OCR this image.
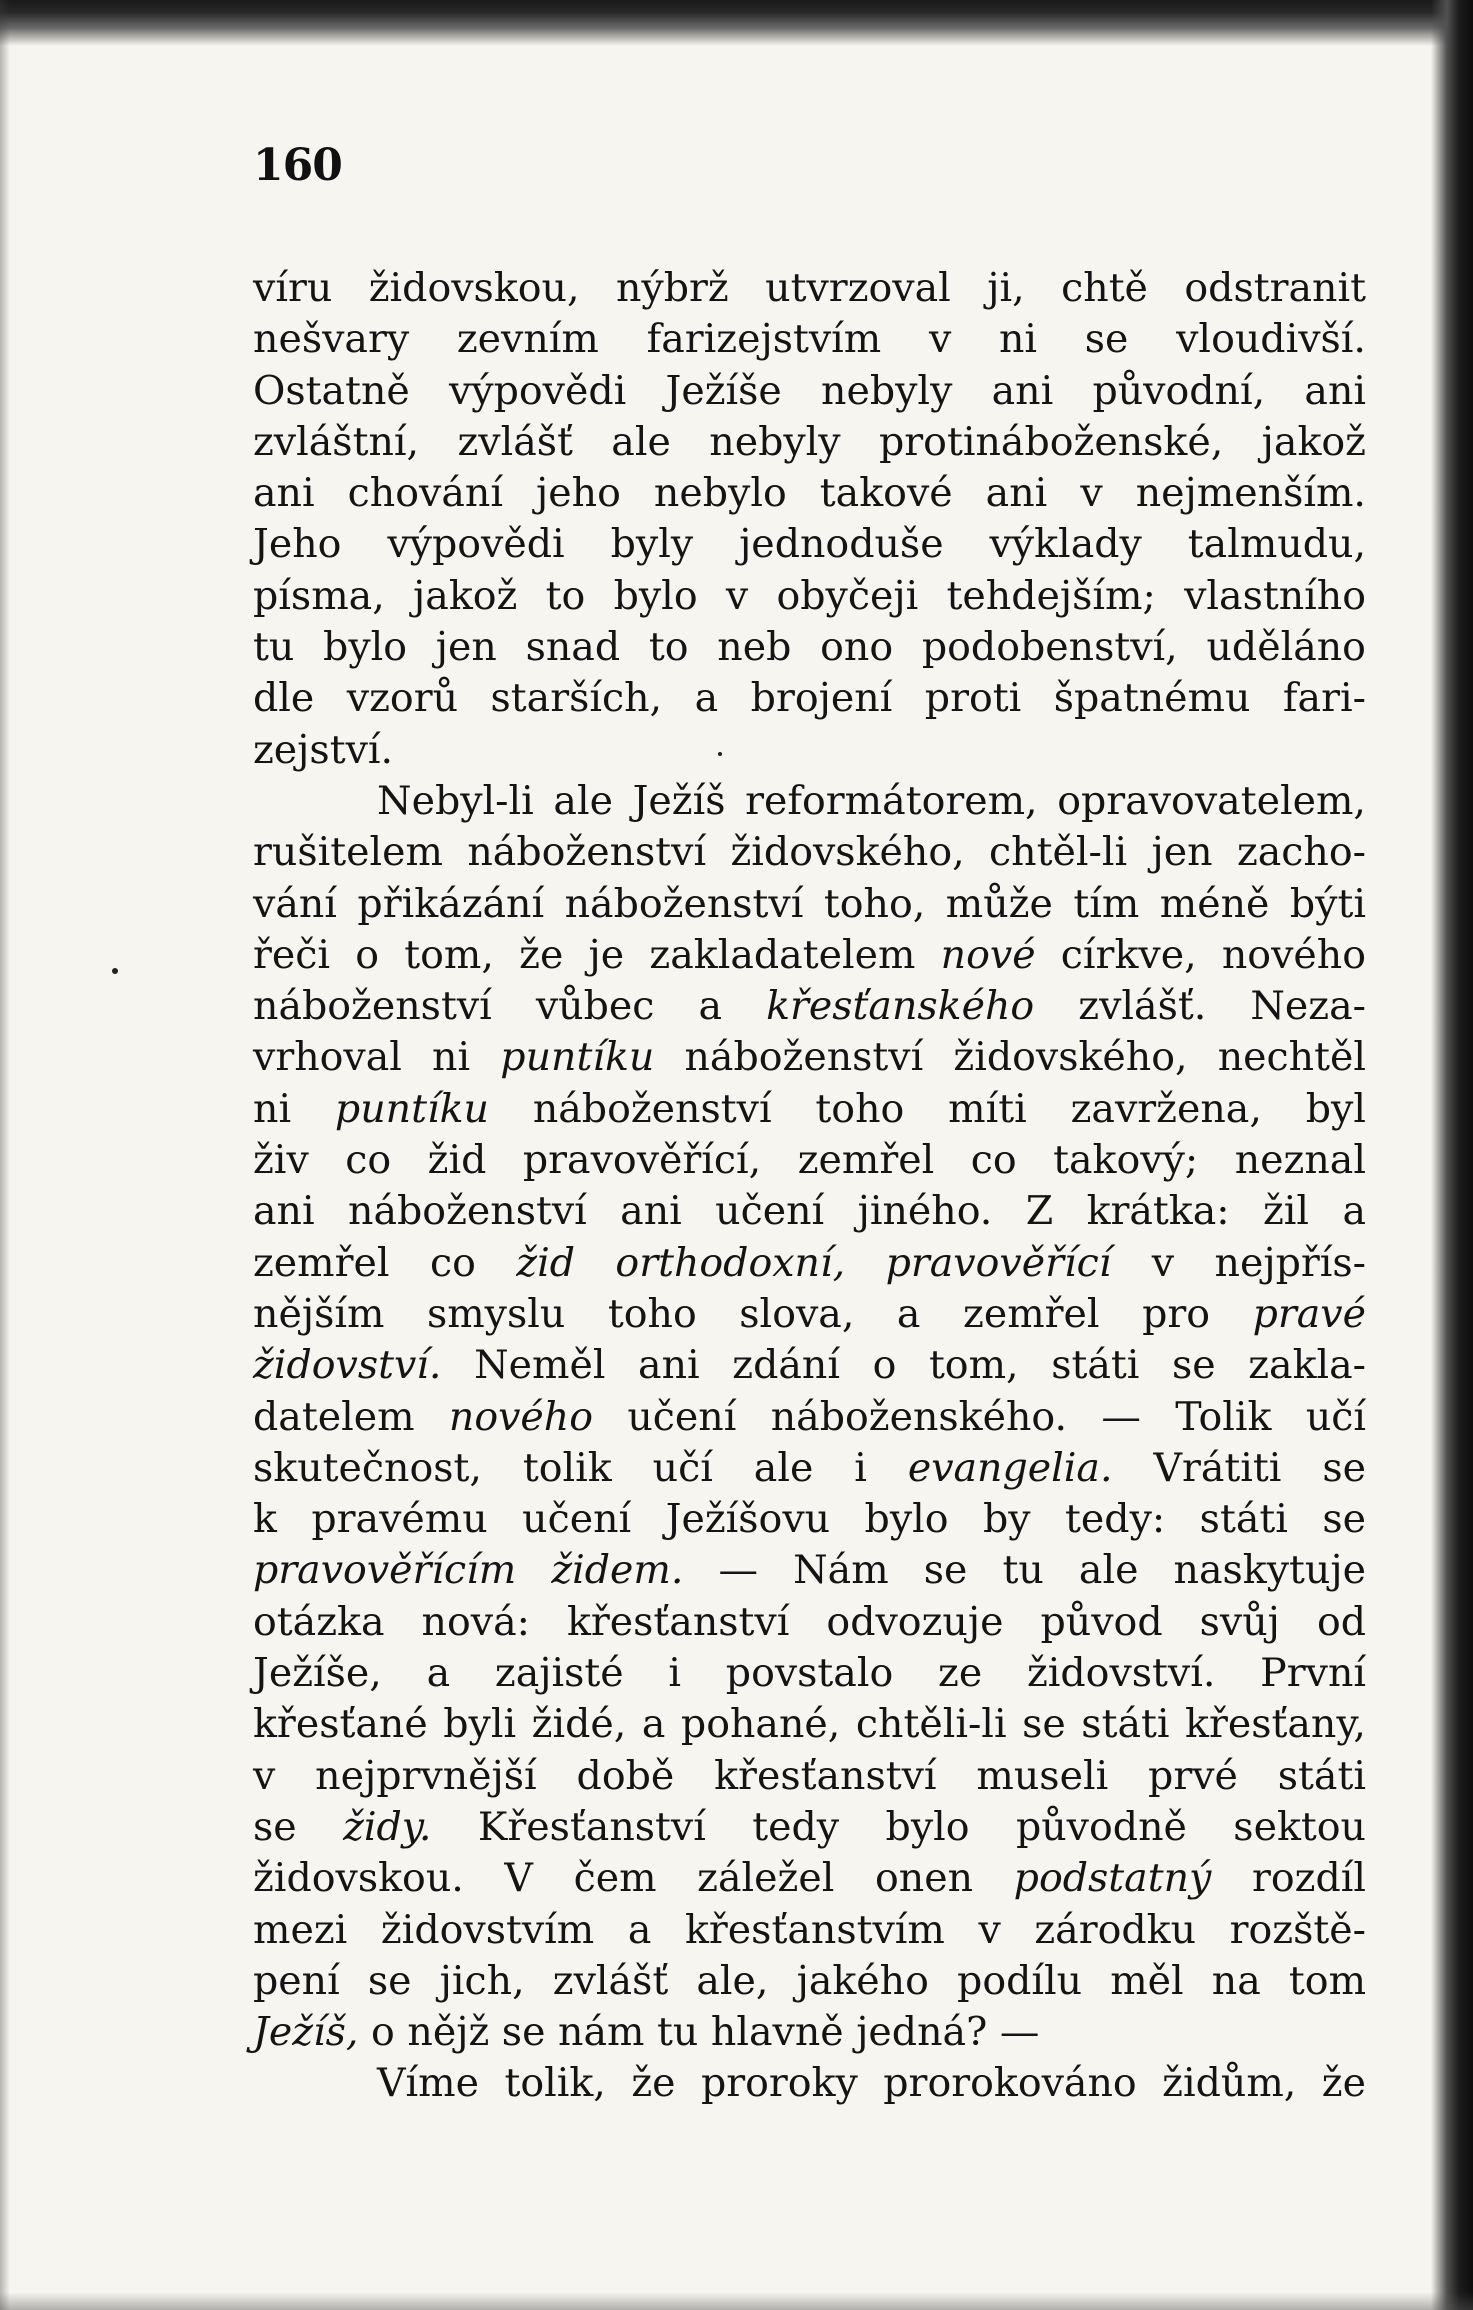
160
víru židovskou, nýbrž utvrzoval ji, chtě odstranit
nešvary zevním farizejstvím v ni se vloudivší.
Ostatně výpovědi Ježíše nebyly ani původní, ani
zvláštní, zvlášť ale nebyly protináboženské, jakož
ani chování jeho nebylo takové ani v nejmenším.
Jeho výpovědi byly jednoduše výklady talmudu,
písma, jakož to bylo v obyčeji tehdejším; vlastního
tu bylo jen snad to neb ono podobenství, uděláno
dle vzorů starších, a brojení proti špatnému fari-
zejství.
Nebyl-li ale Ježíš reformátorem, opravovatelem,
rušitelem náboženství židovského, chtěl-li jen zacho-
vání přikázání náboženství toho, může tím méně býti
řeči o tom, že je zakladatelem nové církve, nového
náboženství vůbec a křesťanského zvlášť. Neza-
vrhoval ni puntíku náboženství židovského, nechtěl
ni puntíku náboženství toho míti zavržena, byl
živ co žid pravověřící, zemřel co takový; neznal
ani náboženství ani učení jiného. Z krátka: žil a
zemřel co žid orthodoxní, pravověřící v nejpřís-
nějším smyslu toho slova, a zemřel pro pravé
židovství. Neměl ani zdání o tom, státi se zakla-
datelem nového učení náboženského. — Tolik učí
skutečnost, tolik učí ale i evangelia. Vrátiti se
k pravému učení Ježíšovu bylo by tedy: státi se
pravověřícím židem. — Nám se tu ale naskytuje
otázka nová: křesťanství odvozuje původ svůj od
Ježíše, a zajisté i povstalo ze židovství. První
křesťané byli židé, a pohané, chtěli-li se státi křesťany,
v nejprvnější době křesťanství museli prvé státi
se židy. Křesťanství tedy bylo původně sektou
židovskou. V čem záležel onen podstatný rozdíl
mezi židovstvím a křesťanstvím v zárodku rozště-
pení se jich, zvlášť ale, jakého podílu měl na tom
Ježíš, o nějž se nám tu hlavně jedná? —
Víme tolik, že proroky prorokováno židům, že
